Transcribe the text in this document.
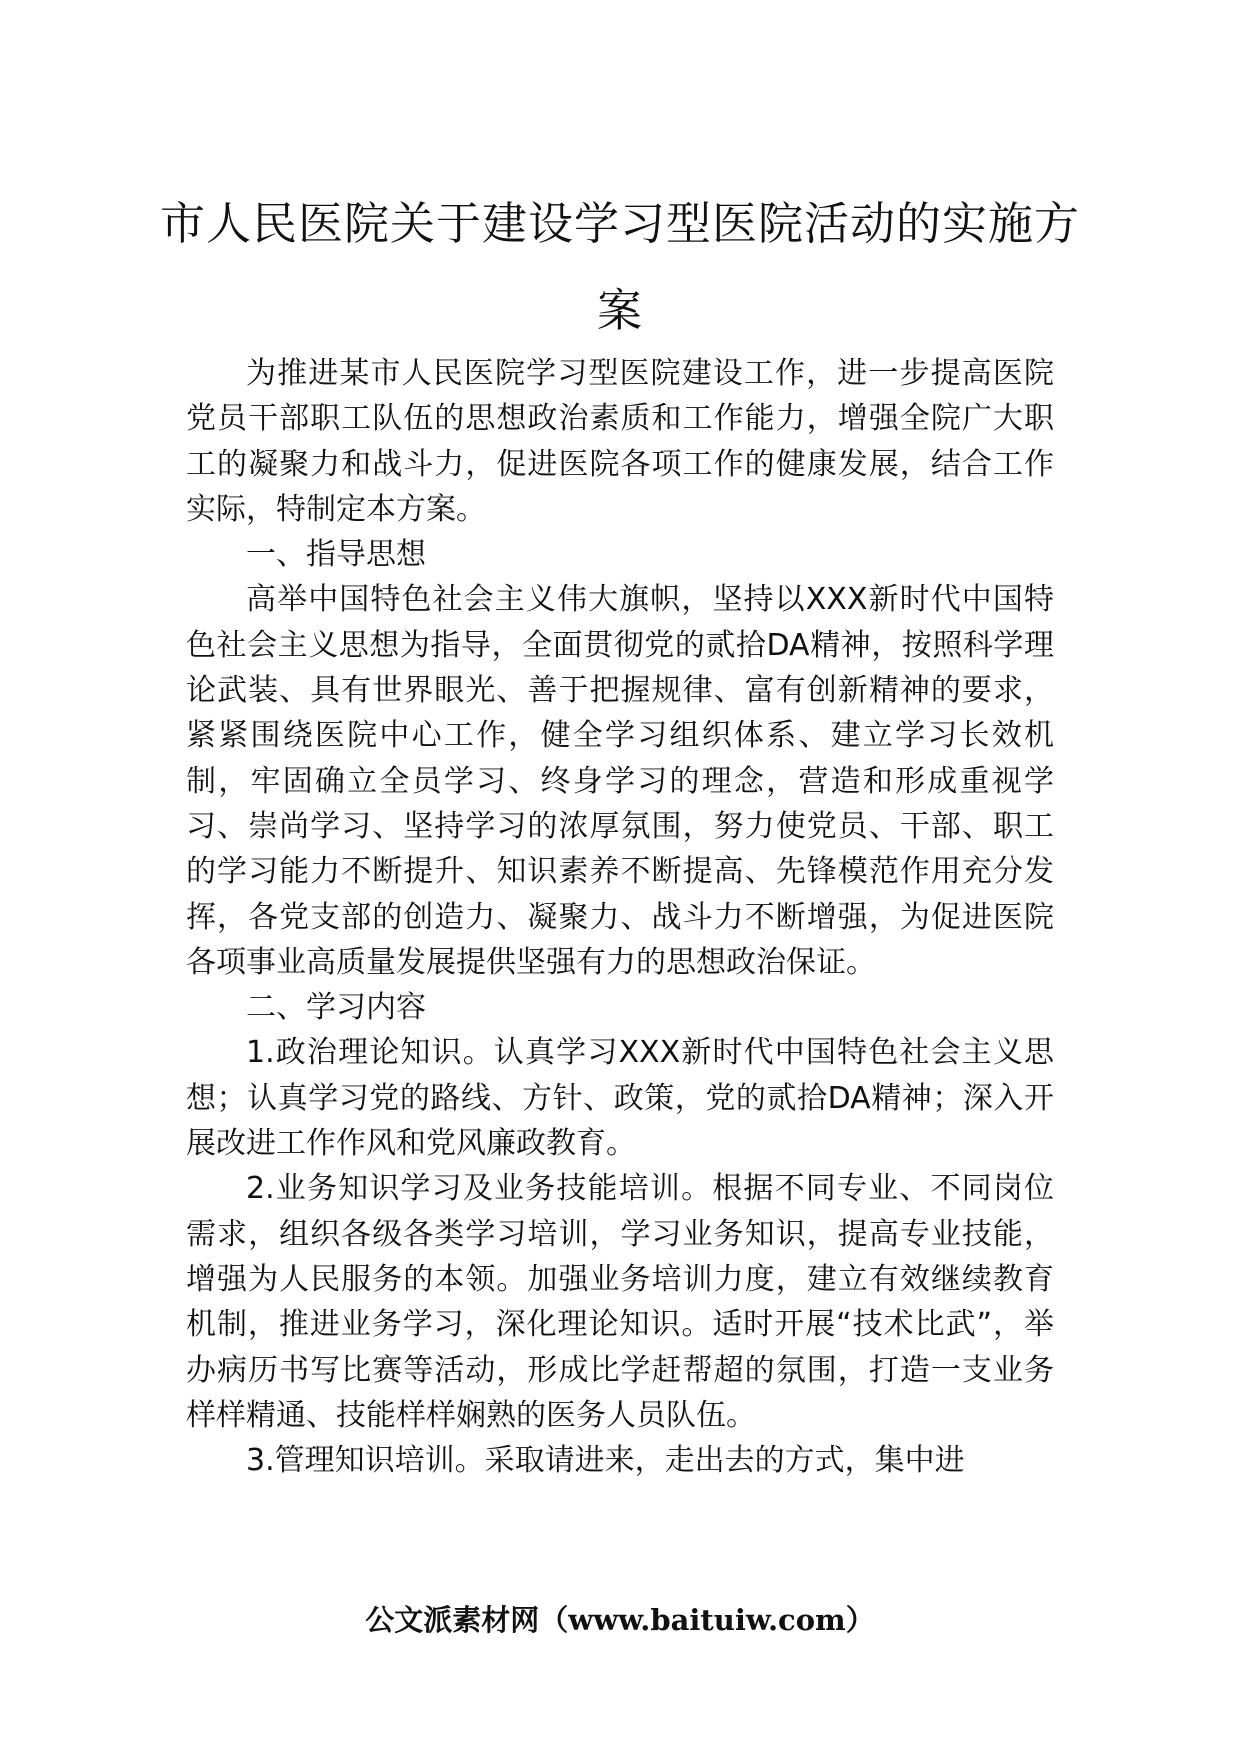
市人民医院关于建设学习型医院活动的实施方案

为推进某市人民医院学习型医院建设工作，进一步提高医院党员干部职工队伍的思想政治素质和工作能力，增强全院广大职工的凝聚力和战斗力，促进医院各项工作的健康发展，结合工作实际，特制定本方案。

一、指导思想

高举中国特色社会主义伟大旗帜，坚持以XXX新时代中国特色社会主义思想为指导，全面贯彻党的贰拾DA精神，按照科学理论武装、具有世界眼光、善于把握规律、富有创新精神的要求，紧紧围绕医院中心工作，健全学习组织体系、建立学习长效机制，牢固确立全员学习、终身学习的理念，营造和形成重视学习、崇尚学习、坚持学习的浓厚氛围，努力使党员、干部、职工的学习能力不断提升、知识素养不断提高、先锋模范作用充分发挥，各党支部的创造力、凝聚力、战斗力不断增强，为促进医院各项事业高质量发展提供坚强有力的思想政治保证。

二、学习内容

1.政治理论知识。认真学习XXX新时代中国特色社会主义思想；认真学习党的路线、方针、政策，党的贰拾DA精神；深入开展改进工作作风和党风廉政教育。

2.业务知识学习及业务技能培训。根据不同专业、不同岗位需求，组织各级各类学习培训，学习业务知识，提高专业技能，增强为人民服务的本领。加强业务培训力度，建立有效继续教育机制，推进业务学习，深化理论知识。适时开展“技术比武”，举办病历书写比赛等活动，形成比学赶帮超的氛围，打造一支业务样样精通、技能样样娴熟的医务人员队伍。

3.管理知识培训。采取请进来，走出去的方式，集中进

公文派素材网（www.baituiw.com）
